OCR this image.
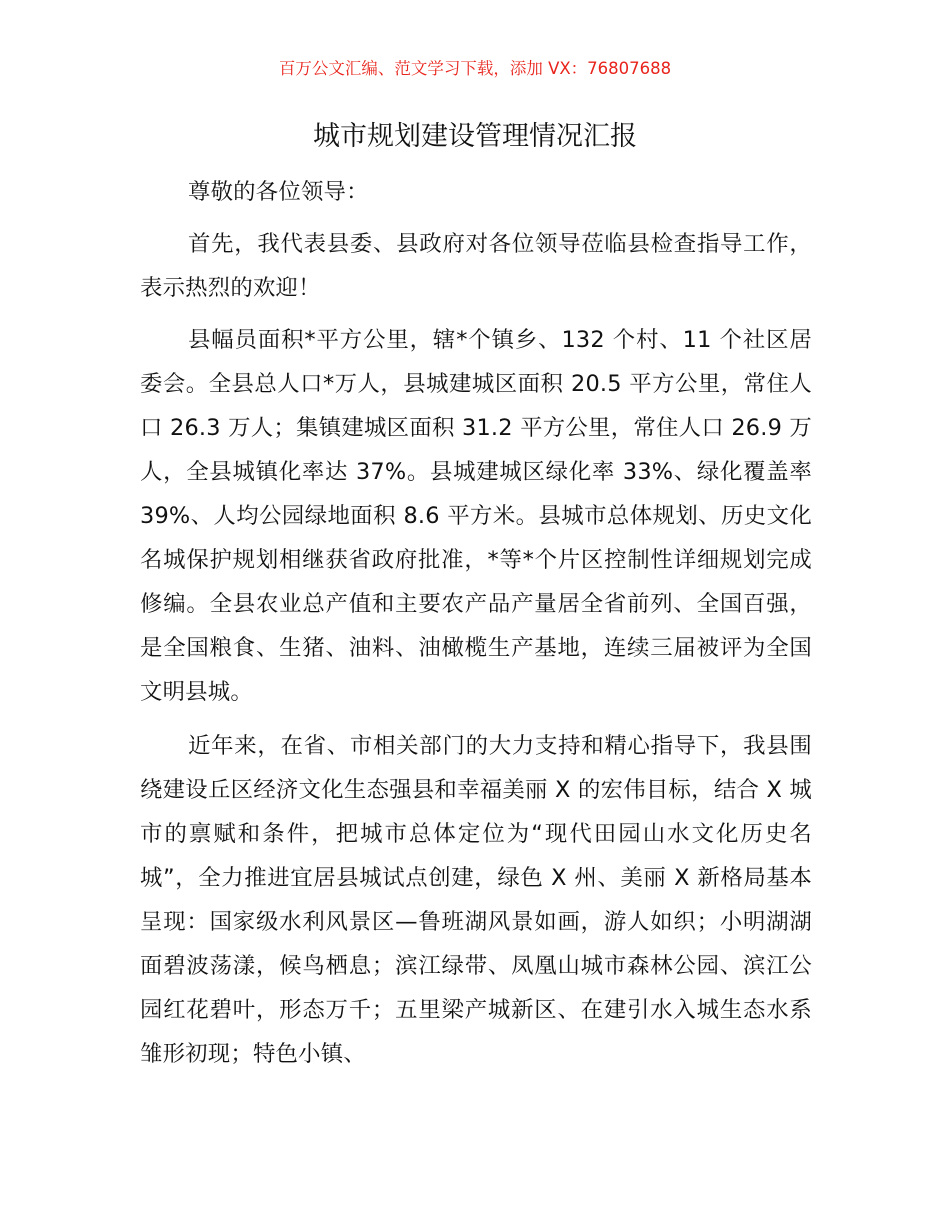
百万公文汇编、范文学习下载，添加 VX：76807688
城市规划建设管理情况汇报

尊敬的各位领导：

首先，我代表县委、县政府对各位领导莅临县检查指导工作，表示热烈的欢迎！

县幅员面积*平方公里，辖*个镇乡、132 个村、11 个社区居委会。全县总人口*万人，县城建城区面积 20.5 平方公里，常住人口 26.3 万人；集镇建城区面积 31.2 平方公里，常住人口 26.9 万人，全县城镇化率达 37%。县城建城区绿化率 33%、绿化覆盖率 39%、人均公园绿地面积 8.6 平方米。县城市总体规划、历史文化名城保护规划相继获省政府批准，*等*个片区控制性详细规划完成修编。全县农业总产值和主要农产品产量居全省前列、全国百强，是全国粮食、生猪、油料、油橄榄生产基地，连续三届被评为全国文明县城。

近年来，在省、市相关部门的大力支持和精心指导下，我县围绕建设丘区经济文化生态强县和幸福美丽 X 的宏伟目标，结合 X 城市的禀赋和条件，把城市总体定位为“现代田园山水文化历史名城”，全力推进宜居县城试点创建，绿色 X 州、美丽 X 新格局基本呈现：国家级水利风景区—鲁班湖风景如画，游人如织；小明湖湖面碧波荡漾，候鸟栖息；滨江绿带、凤凰山城市森林公园、滨江公园红花碧叶，形态万千；五里梁产城新区、在建引水入城生态水系雏形初现；特色小镇、
